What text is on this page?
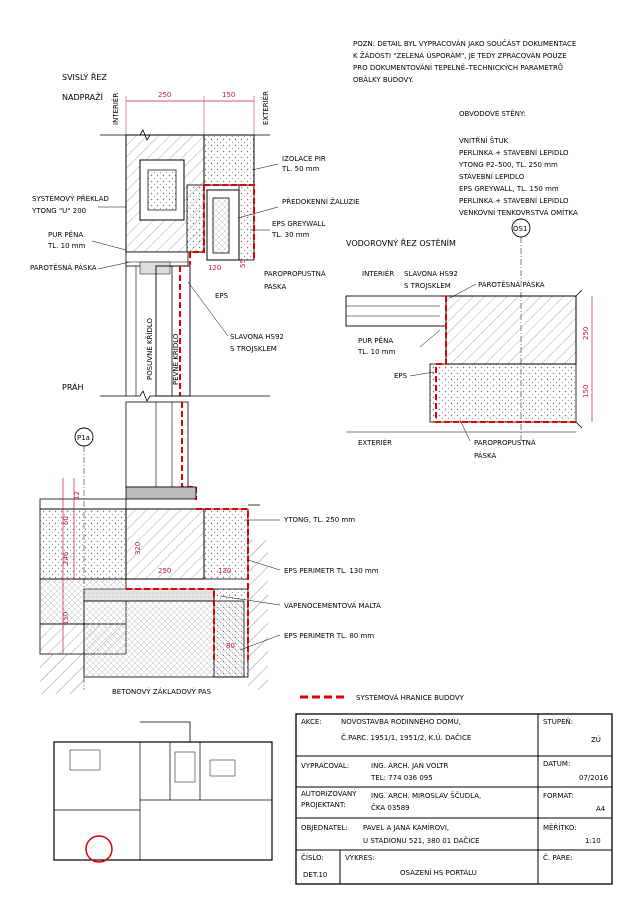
POZN: DETAIL BYL VYPRACOVÁN JAKO SOUČÁST DOKUMENTACE
K ŽÁDOSTI "ZELENÁ ÚSPORÁM", JE TEDY ZPRACOVÁN POUZE
PRO DOKUMENTOVÁNÍ TEPELNĚ–TECHNICKÝCH PARAMETRŮ
OBÁLKY BUDOVY.
OBVODOVÉ STĚNY:
VNITŘNÍ ŠTUK
PERLINKA + STAVEBNÍ LEPIDLO
YTONG P2–500, TL. 250 mm
STAVEBNÍ LEPIDLO
EPS GREYWALL, TL. 150 mm
PERLINKA + STAVEBNÍ LEPIDLO
VENKOVNÍ TENKOVRSTVÁ OMÍTKA
SVISLÝ ŘEZ
NADPRAŽÍ INTERIÉR	EXTERIÉR
250	150
POSUVNÉ KŘÍDLO	PEVNÉ KŘÍDLO
PRÁH
12
60
246
150
320
250	130
80
P1a
IZOLACE PIR
TL. 50 mm
PŘEDOKENNÍ ŽALUZIE
EPS GREYWALL
TL. 30 mm
PAROPROPUSTNÁ
PÁSKA
EPS
120	55
SLAVONA HS92
S TROJSKLEM
SYSTÉMOVÝ PŘEKLAD
YTONG "U" 200
PUR PĚNA
TL. 10 mm
PAROTĚSNÁ PÁSKA
YTONG, TL. 250 mm
EPS PERIMETR TL. 130 mm
VÁPENOCEMENTOVÁ MALTA
EPS PERIMETR TL. 80 mm
BETONOVÝ ZÁKLADOVÝ PAS
VODOROVNÝ ŘEZ OSTĚNÍM
OS1
INTERIÉR SLAVONA HS92
S TROJSKLEM	PAROTĚSNÁ PÁSKA
PUR PĚNA
TL. 10 mm
EPS
EXTERIÉR	PAROPROPUSTNÁ
PÁSKA
250
150
SYSTÉMOVÁ HRANICE BUDOVY
AKCE:	NOVOSTAVBA RODINNÉHO DOMU,
Č.PARC. 1951/1, 1951/2, K.Ú. DAČICE
STUPEŇ:
ZÚ
VYPRACOVAL:	ING. ARCH. JAN VOLTR
TEL: 774 036 095
DATUM:
07/2016
AUTORIZOVANÝ
PROJEKTANT:
ING. ARCH. MIROSLAV ŠČUDLA,
ČKA 03589
FORMÁT:
A4
OBJEDNATEL: PAVEL A JANA KAMÍROVI,
U STADIONU 521, 380 01 DAČICE
MĚŘÍTKO:
1:10
ČÍSLO:
DET.10
VÝKRES:
OSAZENÍ HS PORTÁLU
Č. PARE:
